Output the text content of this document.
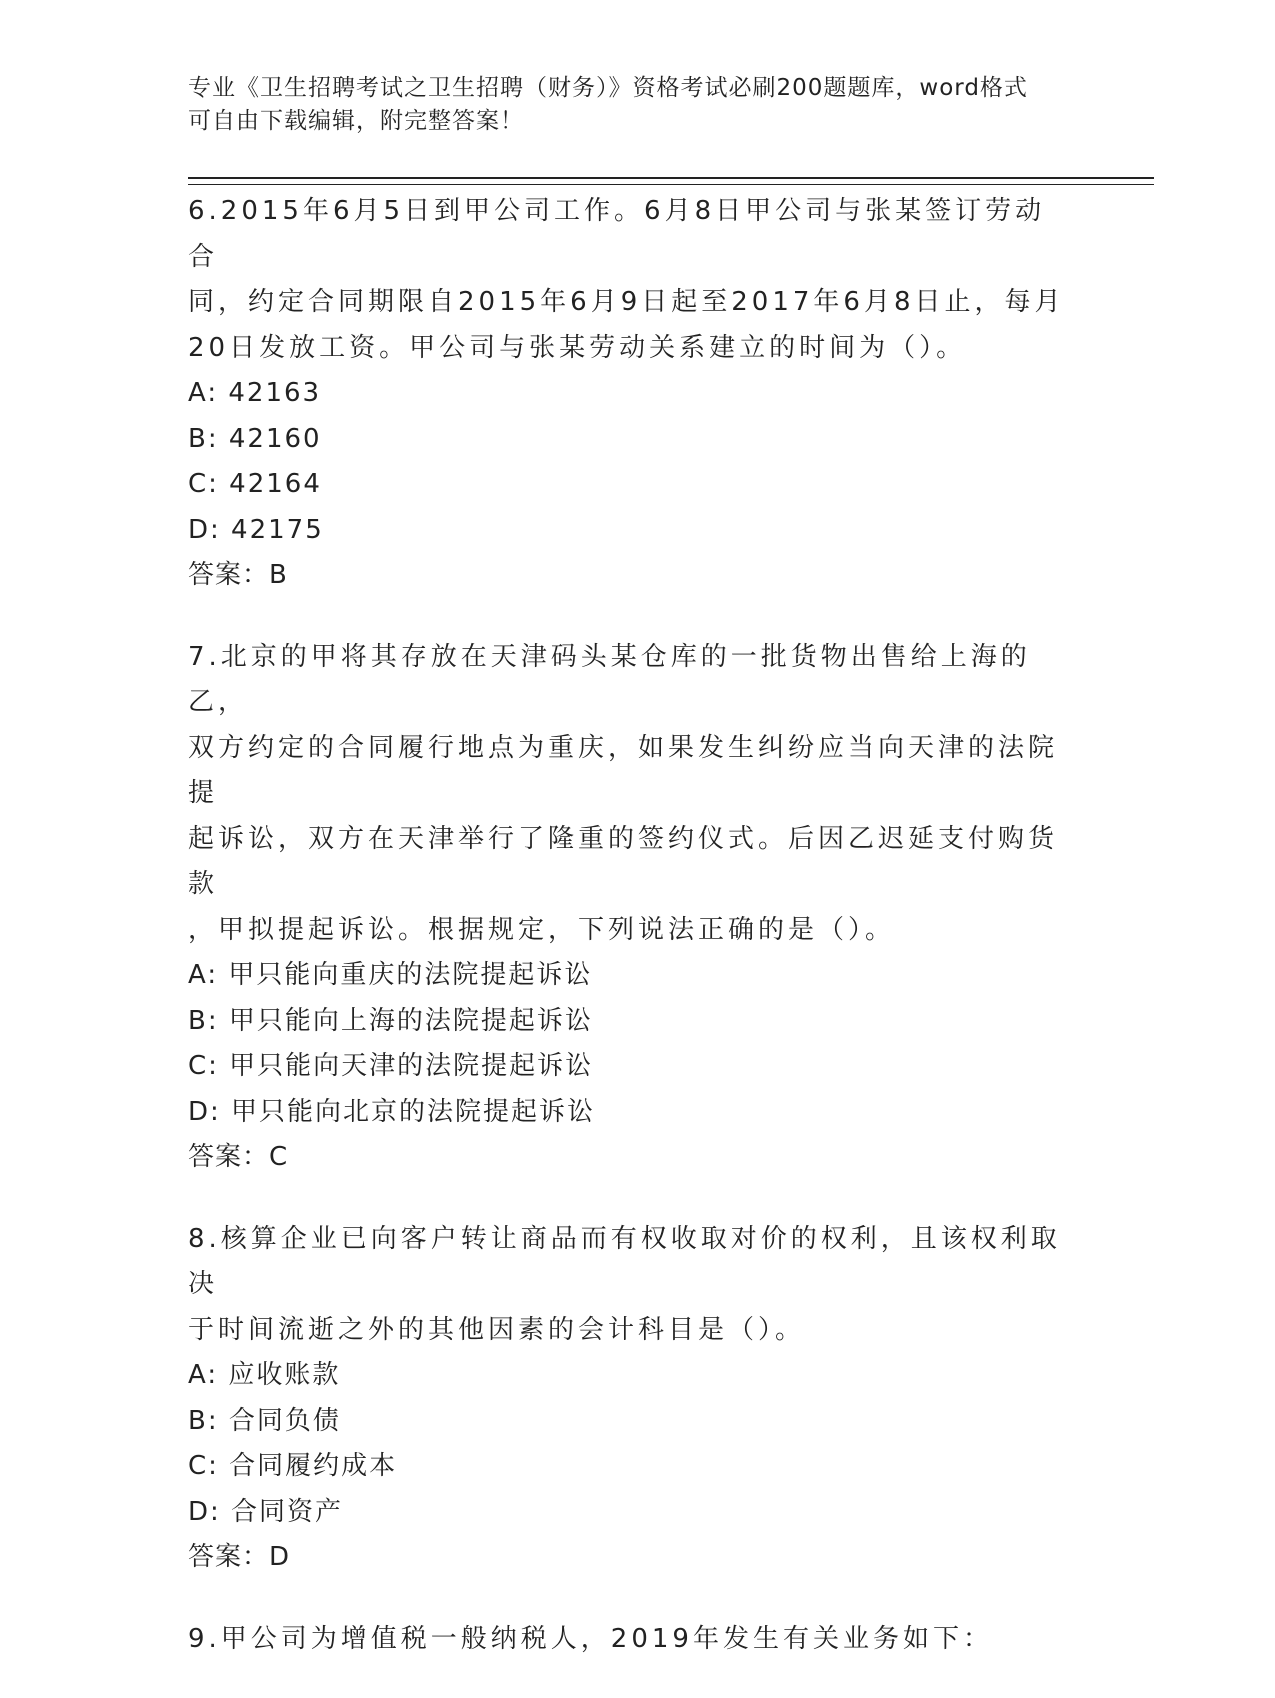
专业《卫生招聘考试之卫生招聘（财务）》资格考试必刷200题题库，word格式
可自由下载编辑，附完整答案！

6.2015年6月5日到甲公司工作。6月8日甲公司与张某签订劳动合

同，约定合同期限自2015年6月9日起至2017年6月8日止，每月

20日发放工资。甲公司与张某劳动关系建立的时间为（）。

A: 42163

B: 42160

C: 42164

D: 42175

答案：B

7.北京的甲将其存放在天津码头某仓库的一批货物出售给上海的乙，

双方约定的合同履行地点为重庆，如果发生纠纷应当向天津的法院提

起诉讼，双方在天津举行了隆重的签约仪式。后因乙迟延支付购货款

，甲拟提起诉讼。根据规定，下列说法正确的是（）。

A: 甲只能向重庆的法院提起诉讼

B: 甲只能向上海的法院提起诉讼

C: 甲只能向天津的法院提起诉讼

D: 甲只能向北京的法院提起诉讼

答案：C

8.核算企业已向客户转让商品而有权收取对价的权利，且该权利取决

于时间流逝之外的其他因素的会计科目是（）。

A: 应收账款

B: 合同负债

C: 合同履约成本

D: 合同资产

答案：D

9.甲公司为增值税一般纳税人，2019年发生有关业务如下：
